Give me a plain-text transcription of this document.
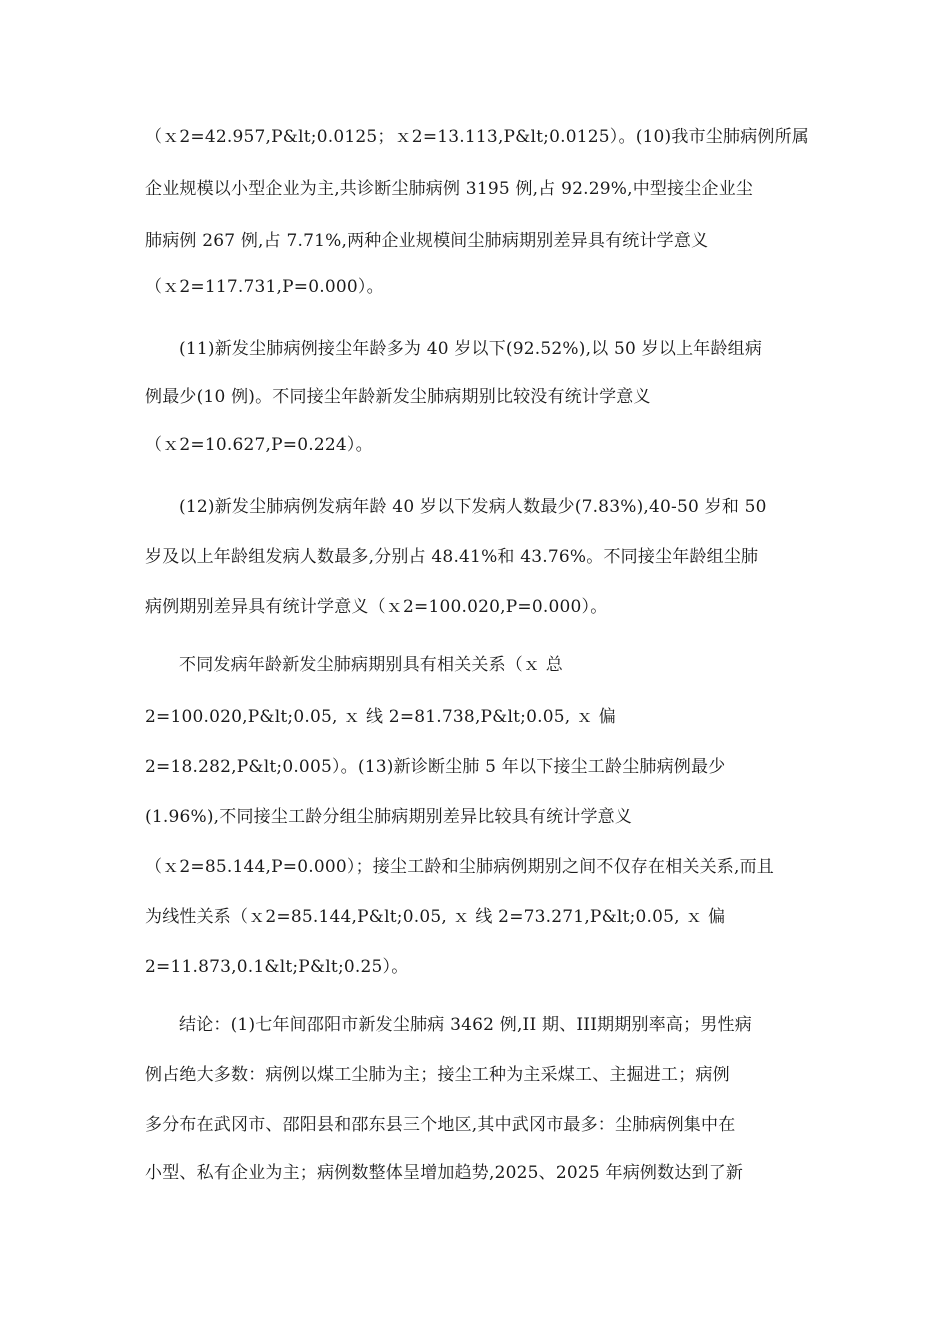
（ｘ2=42.957,P&lt;0.0125；ｘ2=13.113,P&lt;0.0125）。(10)我市尘肺病例所属
企业规模以小型企业为主,共诊断尘肺病例 3195 例,占 92.29%,中型接尘企业尘
肺病例 267 例,占 7.71%,两种企业规模间尘肺病期别差异具有统计学意义
（ｘ2=117.731,P=0.000）。
(11)新发尘肺病例接尘年龄多为 40 岁以下(92.52%),以 50 岁以上年龄组病
例最少(10 例)。不同接尘年龄新发尘肺病期别比较没有统计学意义
（ｘ2=10.627,P=0.224）。
(12)新发尘肺病例发病年龄 40 岁以下发病人数最少(7.83%),40-50 岁和 50
岁及以上年龄组发病人数最多,分别占 48.41%和 43.76%。不同接尘年龄组尘肺
病例期别差异具有统计学意义（ｘ2=100.020,P=0.000）。
不同发病年龄新发尘肺病期别具有相关关系（ｘ 总
2=100.020,P&lt;0.05, ｘ 线 2=81.738,P&lt;0.05, ｘ 偏
2=18.282,P&lt;0.005）。(13)新诊断尘肺 5 年以下接尘工龄尘肺病例最少
(1.96%),不同接尘工龄分组尘肺病期别差异比较具有统计学意义
（ｘ2=85.144,P=0.000）；接尘工龄和尘肺病例期别之间不仅存在相关关系,而且
为线性关系（ｘ2=85.144,P&lt;0.05, ｘ 线 2=73.271,P&lt;0.05, ｘ 偏
2=11.873,0.1&lt;P&lt;0.25）。
结论：(1)七年间邵阳市新发尘肺病 3462 例,II 期、III期期别率高；男性病
例占绝大多数：病例以煤工尘肺为主；接尘工种为主采煤工、主掘进工；病例
多分布在武冈市、邵阳县和邵东县三个地区,其中武冈市最多：尘肺病例集中在
小型、私有企业为主；病例数整体呈增加趋势,2025、2025 年病例数达到了新
